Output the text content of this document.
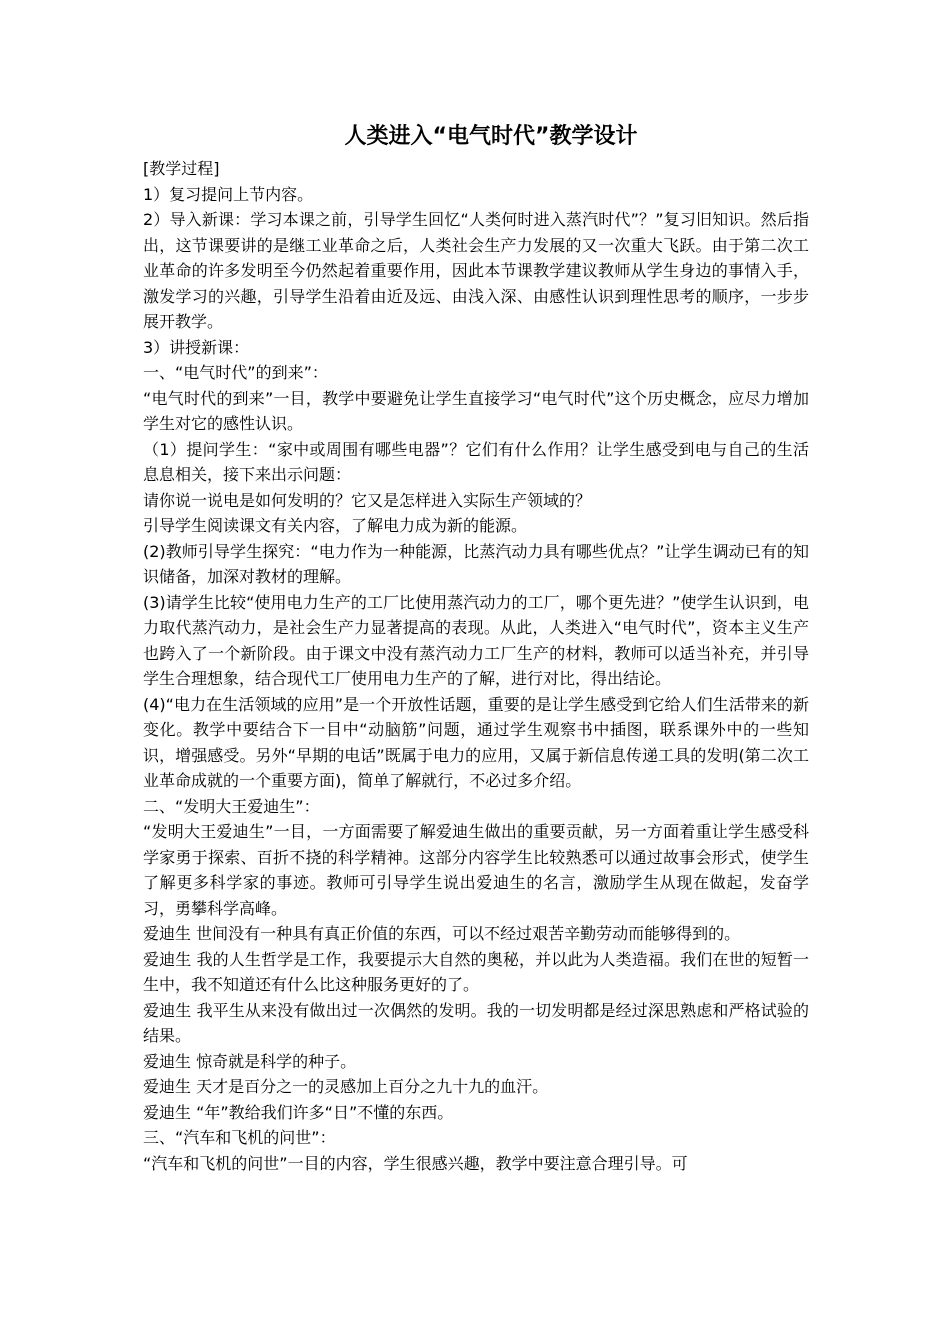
人类进入“电气时代”教学设计

[教学过程]

1）复习提问上节内容。

2）导入新课：学习本课之前，引导学生回忆“人类何时进入蒸汽时代”？”复习旧知识。然后指出，这节课要讲的是继工业革命之后，人类社会生产力发展的又一次重大飞跃。由于第二次工业革命的许多发明至今仍然起着重要作用，因此本节课教学建议教师从学生身边的事情入手，激发学习的兴趣，引导学生沿着由近及远、由浅入深、由感性认识到理性思考的顺序，一步步展开教学。

3）讲授新课：

一、“电气时代”的到来”：

“电气时代的到来”一目，教学中要避免让学生直接学习“电气时代”这个历史概念，应尽力增加学生对它的感性认识。

（1）提问学生：“家中或周围有哪些电器”？它们有什么作用？让学生感受到电与自己的生活息息相关，接下来出示问题：

请你说一说电是如何发明的？它又是怎样进入实际生产领域的？

引导学生阅读课文有关内容，了解电力成为新的能源。

(2)教师引导学生探究：“电力作为一种能源，比蒸汽动力具有哪些优点？”让学生调动已有的知识储备，加深对教材的理解。

(3)请学生比较“使用电力生产的工厂比使用蒸汽动力的工厂，哪个更先进？”使学生认识到，电力取代蒸汽动力，是社会生产力显著提高的表现。从此，人类进入“电气时代”，资本主义生产也跨入了一个新阶段。由于课文中没有蒸汽动力工厂生产的材料，教师可以适当补充，并引导学生合理想象，结合现代工厂使用电力生产的了解，进行对比，得出结论。

(4)“电力在生活领域的应用”是一个开放性话题，重要的是让学生感受到它给人们生活带来的新变化。教学中要结合下一目中“动脑筋”问题，通过学生观察书中插图，联系课外中的一些知识，增强感受。另外“早期的电话”既属于电力的应用，又属于新信息传递工具的发明(第二次工业革命成就的一个重要方面)，简单了解就行，不必过多介绍。

二、“发明大王爱迪生”：

“发明大王爱迪生”一目，一方面需要了解爱迪生做出的重要贡献，另一方面着重让学生感受科学家勇于探索、百折不挠的科学精神。这部分内容学生比较熟悉可以通过故事会形式，使学生了解更多科学家的事迹。教师可引导学生说出爱迪生的名言，激励学生从现在做起，发奋学习，勇攀科学高峰。

爱迪生 世间没有一种具有真正价值的东西，可以不经过艰苦辛勤劳动而能够得到的。

爱迪生 我的人生哲学是工作，我要提示大自然的奥秘，并以此为人类造福。我们在世的短暂一生中，我不知道还有什么比这种服务更好的了。

爱迪生 我平生从来没有做出过一次偶然的发明。我的一切发明都是经过深思熟虑和严格试验的结果。

爱迪生 惊奇就是科学的种子。

爱迪生 天才是百分之一的灵感加上百分之九十九的血汗。

爱迪生 “年”教给我们许多“日”不懂的东西。

三、“汽车和飞机的问世”：

“汽车和飞机的问世”一目的内容，学生很感兴趣，教学中要注意合理引导。可
